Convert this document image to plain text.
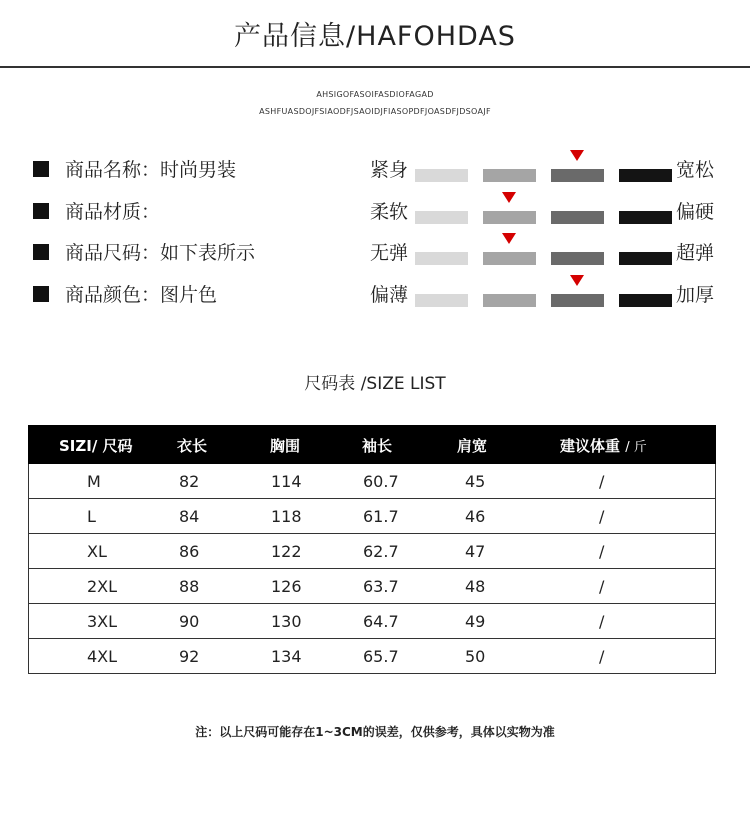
产品信息/HAFOHDAS
AHSIGOFASOIFASDIOFAGAD
ASHFUASDOJFSIAODFJSAOIDJFIASOPDFJOASDFJDSOAJF
商品名称：时尚男装
商品材质：
商品尺码：如下表所示
商品颜色：图片色
紧身	宽松
柔软	偏硬
无弹	超弹
偏薄	加厚
尺码表 /SIZE LIST
SIZI/ 尺码	衣长	胸围	袖长	肩宽	建议体重 / 斤
M	82	114	60.7	45	/
L	84	118	61.7	46	/
XL	86	122	62.7	47	/
2XL	88	126	63.7	48	/
3XL	90	130	64.7	49	/
4XL	92	134	65.7	50	/
注：以上尺码可能存在1~3CM的误差，仅供参考，具体以实物为准
